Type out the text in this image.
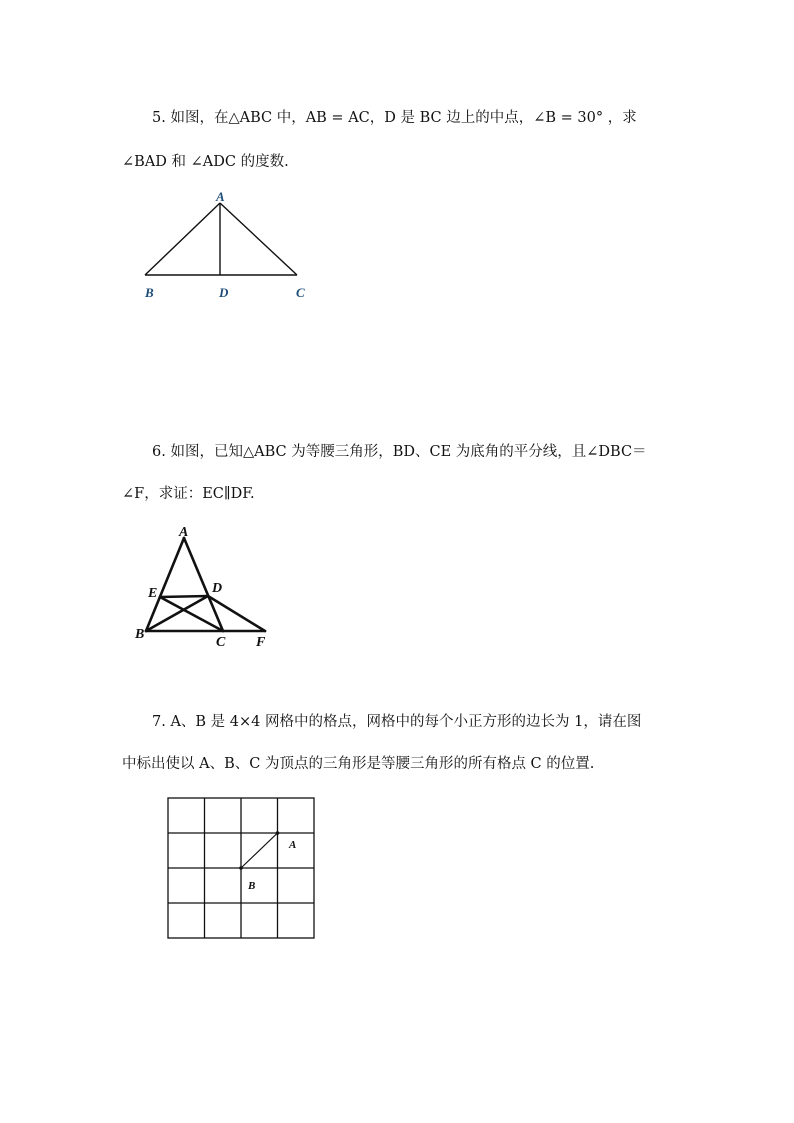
5. 如图，在△ABC 中，AB = AC，D 是 BC 边上的中点，∠B = 30° ，求
∠BAD 和 ∠ADC 的度数.
A
B	D	C
6. 如图，已知△ABC 为等腰三角形，BD、CE 为底角的平分线，且∠DBC＝
∠F，求证：EC∥DF.
A
E	D
B
C F
7. A、B 是 4×4 网格中的格点，网格中的每个小正方形的边长为 1，请在图
中标出使以 A、B、C 为顶点的三角形是等腰三角形的所有格点 C 的位置.
A
B
